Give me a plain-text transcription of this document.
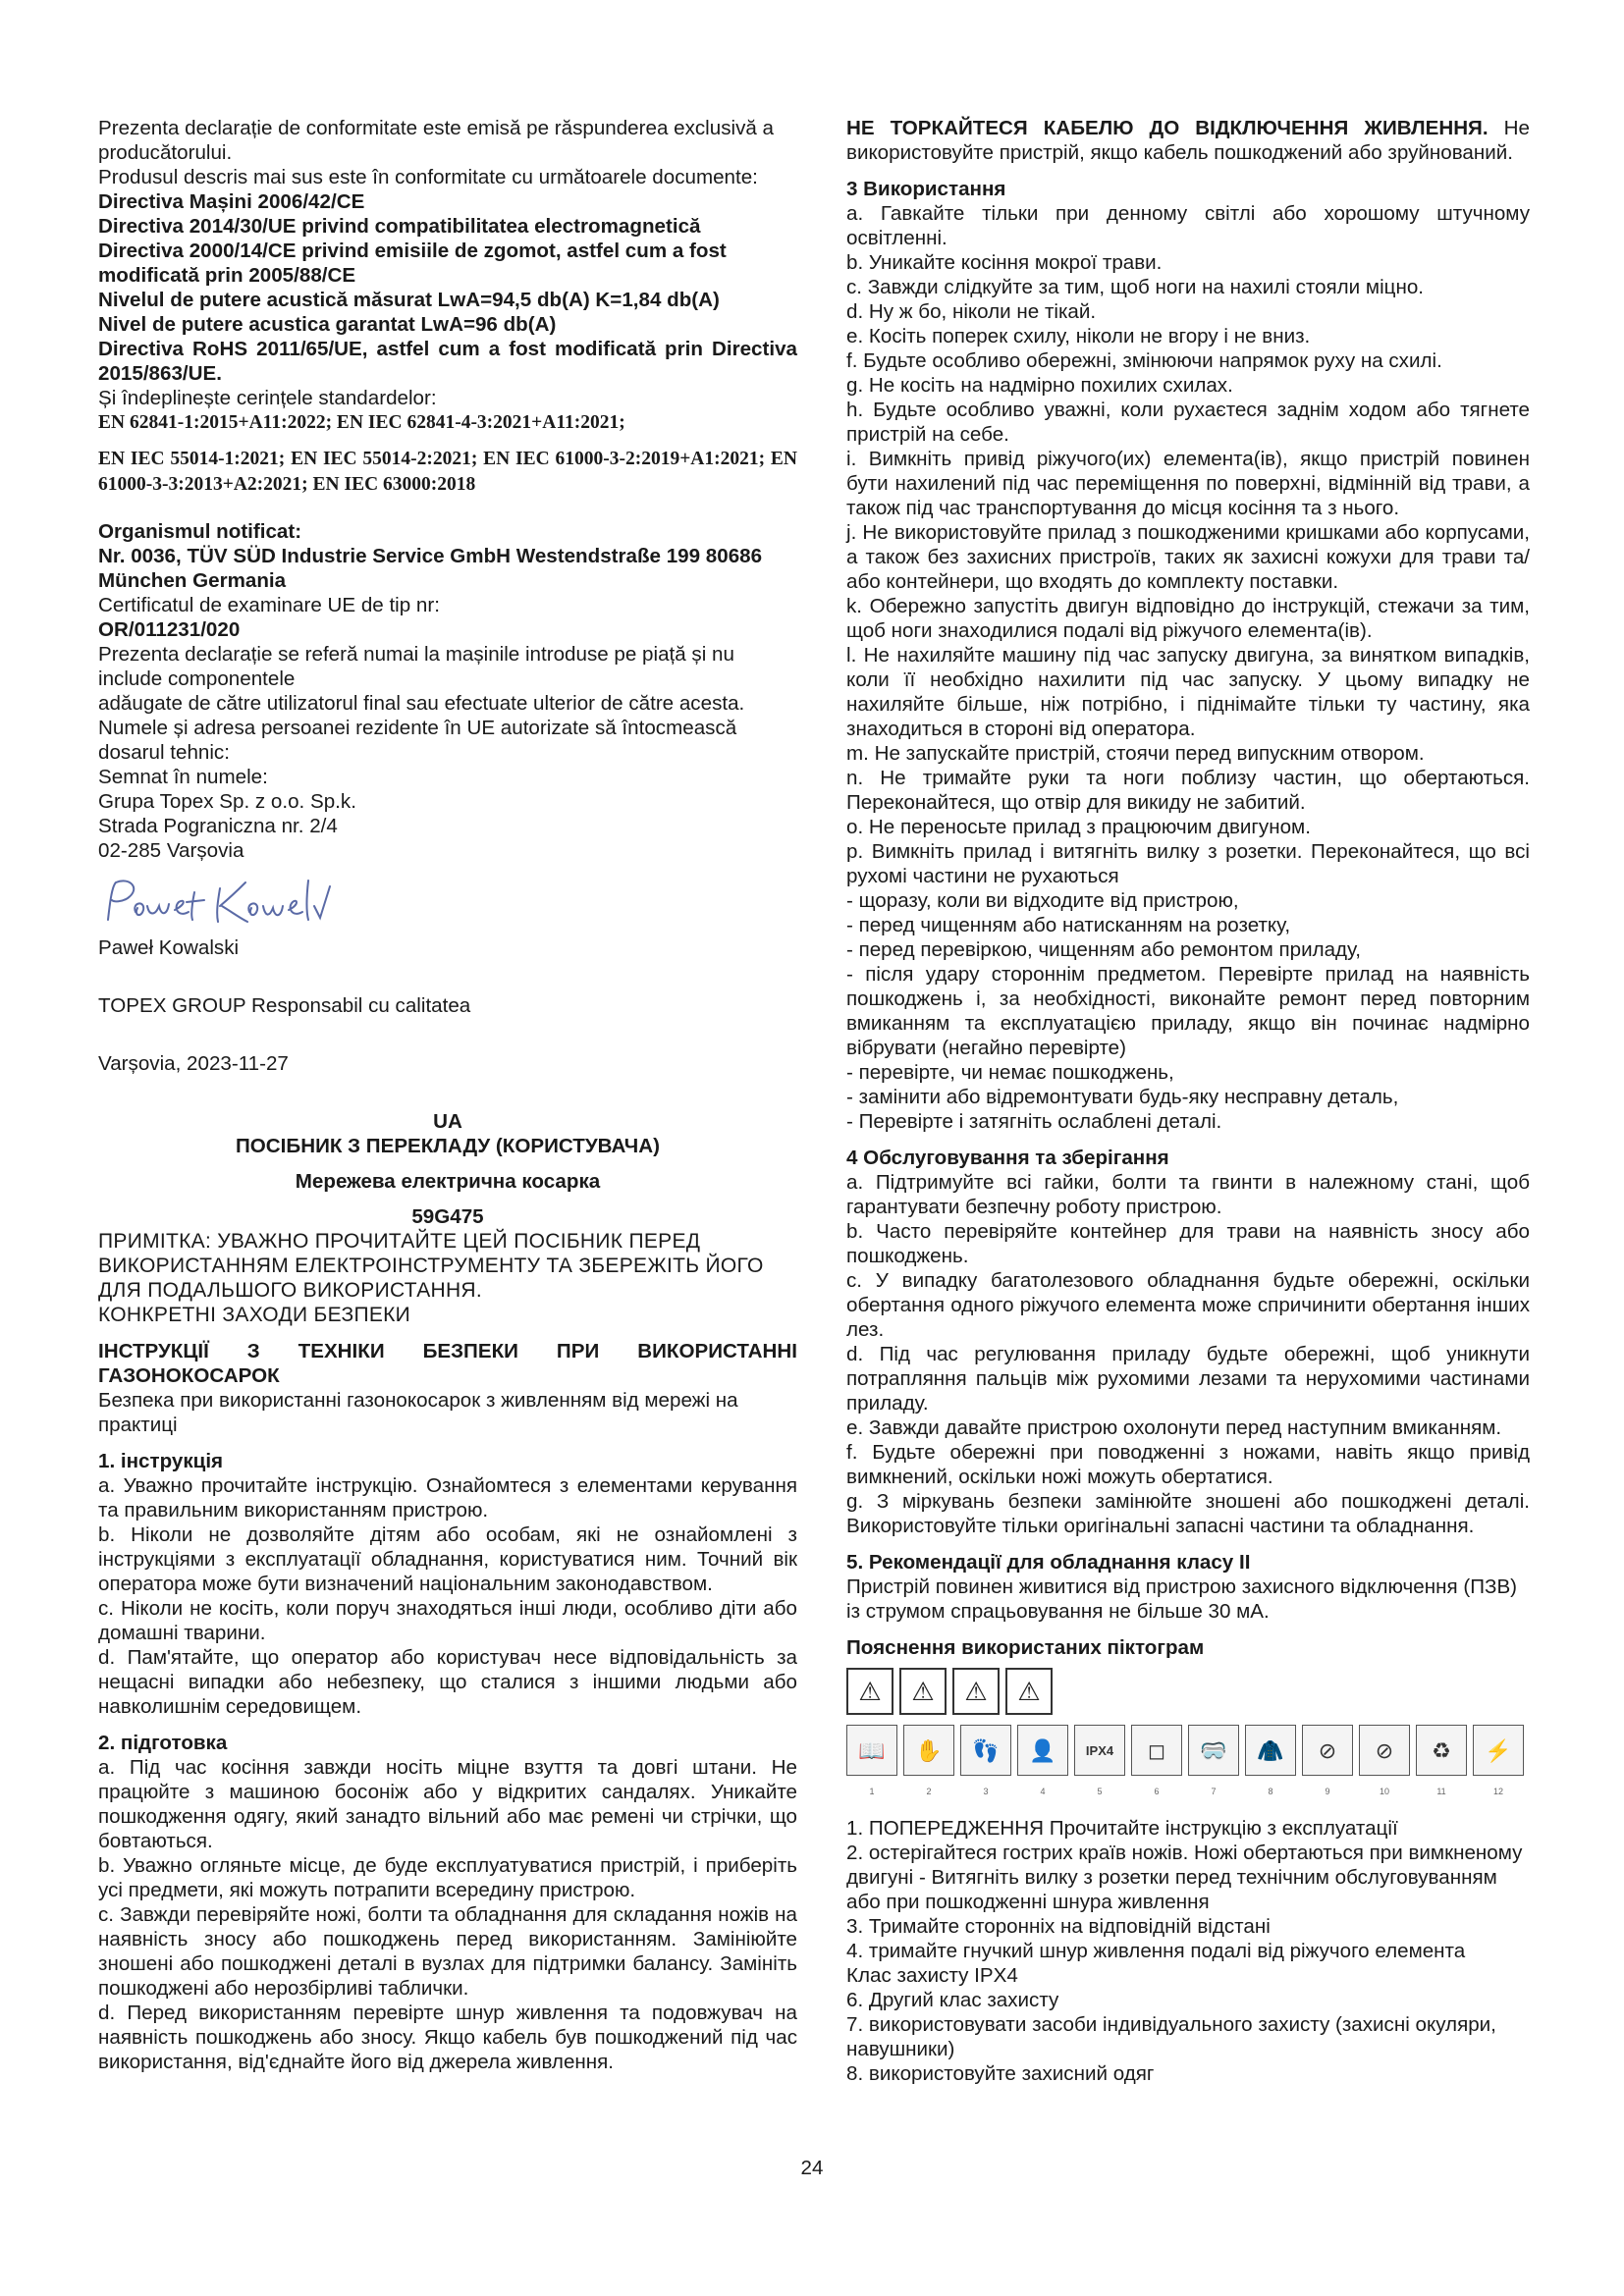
Prezenta declarație de conformitate este emisă pe răspunderea exclusivă a producătorului.

Produsul descris mai sus este în conformitate cu următoarele documente:

Directiva Mașini 2006/42/CE

Directiva 2014/30/UE privind compatibilitatea electromagnetică

Directiva 2000/14/CE privind emisiile de zgomot, astfel cum a fost modificată prin 2005/88/CE

Nivelul de putere acustică măsurat LwA=94,5 db(A) K=1,84 db(A)

Nivel de putere acustica garantat LwA=96 db(A)

Directiva RoHS 2011/65/UE, astfel cum a fost modificată prin Directiva 2015/863/UE.

Și îndeplinește cerințele standardelor:

EN 62841-1:2015+A11:2022; EN IEC 62841-4-3:2021+A11:2021;

EN IEC 55014-1:2021; EN IEC 55014-2:2021; EN IEC 61000-3-2:2019+A1:2021; EN 61000-3-3:2013+A2:2021; EN IEC 63000:2018

Organismul notificat:

Nr. 0036, TÜV SÜD Industrie Service GmbH Westendstraße 199 80686 München Germania

Certificatul de examinare UE de tip nr:

OR/011231/020

Prezenta declarație se referă numai la mașinile introduse pe piață și nu include componentele

adăugate de către utilizatorul final sau efectuate ulterior de către acesta.

Numele și adresa persoanei rezidente în UE autorizate să întocmească dosarul tehnic:

Semnat în numele:

Grupa Topex Sp. z o.o. Sp.k.

Strada Pograniczna nr. 2/4

02-285 Varșovia

Paweł Kowalski

TOPEX GROUP Responsabil cu calitatea

Varșovia, 2023-11-27

UA

ПОСІБНИК З ПЕРЕКЛАДУ (КОРИСТУВАЧА)

Мережева електрична косарка

59G475

ПРИМІТКА: УВАЖНО ПРОЧИТАЙТЕ ЦЕЙ ПОСІБНИК ПЕРЕД

ВИКОРИСТАННЯМ ЕЛЕКТРОІНСТРУМЕНТУ ТА ЗБЕРЕЖІТЬ ЙОГО

ДЛЯ ПОДАЛЬШОГО ВИКОРИСТАННЯ.

КОНКРЕТНІ ЗАХОДИ БЕЗПЕКИ

ІНСТРУКЦІЇ З ТЕХНІКИ БЕЗПЕКИ ПРИ ВИКОРИСТАННІ ГАЗОНОКОСАРОК

Безпека при використанні газонокосарок з живленням від мережі на практиці

1. інструкція

a. Уважно прочитайте інструкцію. Ознайомтеся з елементами керування та правильним використанням пристрою.

b. Ніколи не дозволяйте дітям або особам, які не ознайомлені з інструкціями з експлуатації обладнання, користуватися ним. Точний вік оператора може бути визначений національним законодавством.

c. Ніколи не косіть, коли поруч знаходяться інші люди, особливо діти або домашні тварини.

d. Пам'ятайте, що оператор або користувач несе відповідальність за нещасні випадки або небезпеку, що сталися з іншими людьми або навколишнім середовищем.

2. підготовка

a. Під час косіння завжди носіть міцне взуття та довгі штани. Не працюйте з машиною босоніж або у відкритих сандалях. Уникайте пошкодження одягу, який занадто вільний або має ремені чи стрічки, що бовтаються.

b. Уважно огляньте місце, де буде експлуатуватися пристрій, і приберіть усі предмети, які можуть потрапити всередину пристрою.

c. Завжди перевіряйте ножі, болти та обладнання для складання ножів на наявність зносу або пошкоджень перед використанням. Замініюйте зношені або пошкоджені деталі в вузлах для підтримки балансу. Замініть пошкоджені або нерозбірливі таблички.

d. Перед використанням перевірте шнур живлення та подовжувач на наявність пошкоджень або зносу. Якщо кабель був пошкоджений під час використання, від'єднайте його від джерела живлення.

НЕ ТОРКАЙТЕСЯ КАБЕЛЮ ДО ВІДКЛЮЧЕННЯ ЖИВЛЕННЯ. Не використовуйте пристрій, якщо кабель пошкоджений або зруйнований.

3 Використання

a. Гавкайте тільки при денному світлі або хорошому штучному освітленні.

b. Уникайте косіння мокрої трави.

c. Завжди слідкуйте за тим, щоб ноги на нахилі стояли міцно.

d. Ну ж бо, ніколи не тікай.

e. Косіть поперек схилу, ніколи не вгору і не вниз.

f. Будьте особливо обережні, змінюючи напрямок руху на схилі.

g. Не косіть на надмірно похилих схилах.

h. Будьте особливо уважні, коли рухаєтеся заднім ходом або тягнете пристрій на себе.

i. Вимкніть привід ріжучого(их) елемента(ів), якщо пристрій повинен бути нахилений під час переміщення по поверхні, відмінній від трави, а також під час транспортування до місця косіння та з нього.

j. Не використовуйте прилад з пошкодженими кришками або корпусами, а також без захисних пристроїв, таких як захисні кожухи для трави та/або контейнери, що входять до комплекту поставки.

k. Обережно запустіть двигун відповідно до інструкцій, стежачи за тим, щоб ноги знаходилися подалі від ріжучого елемента(ів).

l. Не нахиляйте машину під час запуску двигуна, за винятком випадків, коли її необхідно нахилити під час запуску. У цьому випадку не нахиляйте більше, ніж потрібно, і піднімайте тільки ту частину, яка знаходиться в стороні від оператора.

m. Не запускайте пристрій, стоячи перед випускним отвором.

n. Не тримайте руки та ноги поблизу частин, що обертаються. Переконайтеся, що отвір для викиду не забитий.

o. Не переносьте прилад з працюючим двигуном.

p. Вимкніть прилад і витягніть вилку з розетки. Переконайтеся, що всі рухомі частини не рухаються

- щоразу, коли ви відходите від пристрою,

- перед чищенням або натисканням на розетку,

- перед перевіркою, чищенням або ремонтом приладу,

- після удару стороннім предметом. Перевірте прилад на наявність пошкоджень і, за необхідності, виконайте ремонт перед повторним вмиканням та експлуатацією приладу, якщо він починає надмірно вібрувати (негайно перевірте)

- перевірте, чи немає пошкоджень,

- замінити або відремонтувати будь-яку несправну деталь,

- Перевірте і затягніть ослаблені деталі.

4 Обслуговування та зберігання

a. Підтримуйте всі гайки, болти та гвинти в належному стані, щоб гарантувати безпечну роботу пристрою.

b. Часто перевіряйте контейнер для трави на наявність зносу або пошкоджень.

c. У випадку багатолезового обладнання будьте обережні, оскільки обертання одного ріжучого елемента може спричинити обертання інших лез.

d. Під час регулювання приладу будьте обережні, щоб уникнути потрапляння пальців між рухомими лезами та нерухомими частинами приладу.

e. Завжди давайте пристрою охолонути перед наступним вмиканням.

f. Будьте обережні при поводженні з ножами, навіть якщо привід вимкнений, оскільки ножі можуть обертатися.

g. З міркувань безпеки замінюйте зношені або пошкоджені деталі. Використовуйте тільки оригінальні запасні частини та обладнання.

5. Рекомендації для обладнання класу II

Пристрій повинен живитися від пристрою захисного відключення (ПЗВ) із струмом спрацьовування не більше 30 мА.

Пояснення використаних піктограм

⚠	⚠	⚠	⚠
📖	✋	👣	👤	IPX4	◻	🥽	🧥	⊘	⊘	♻	⚡
1	2	3	4	5	6	7	8	9	10	11	12

1. ПОПЕРЕДЖЕННЯ Прочитайте інструкцію з експлуатації

2. остерігайтеся гострих країв ножів. Ножі обертаються при вимкненому двигуні - Витягніть вилку з розетки перед технічним обслуговуванням або при пошкодженні шнура живлення

3. Тримайте сторонніх на відповідній відстані

4. тримайте гнучкий шнур живлення подалі від ріжучого елемента

Клас захисту IPX4

6. Другий клас захисту

7. використовувати засоби індивідуального захисту (захисні окуляри, навушники)

8. використовуйте захисний одяг

24
